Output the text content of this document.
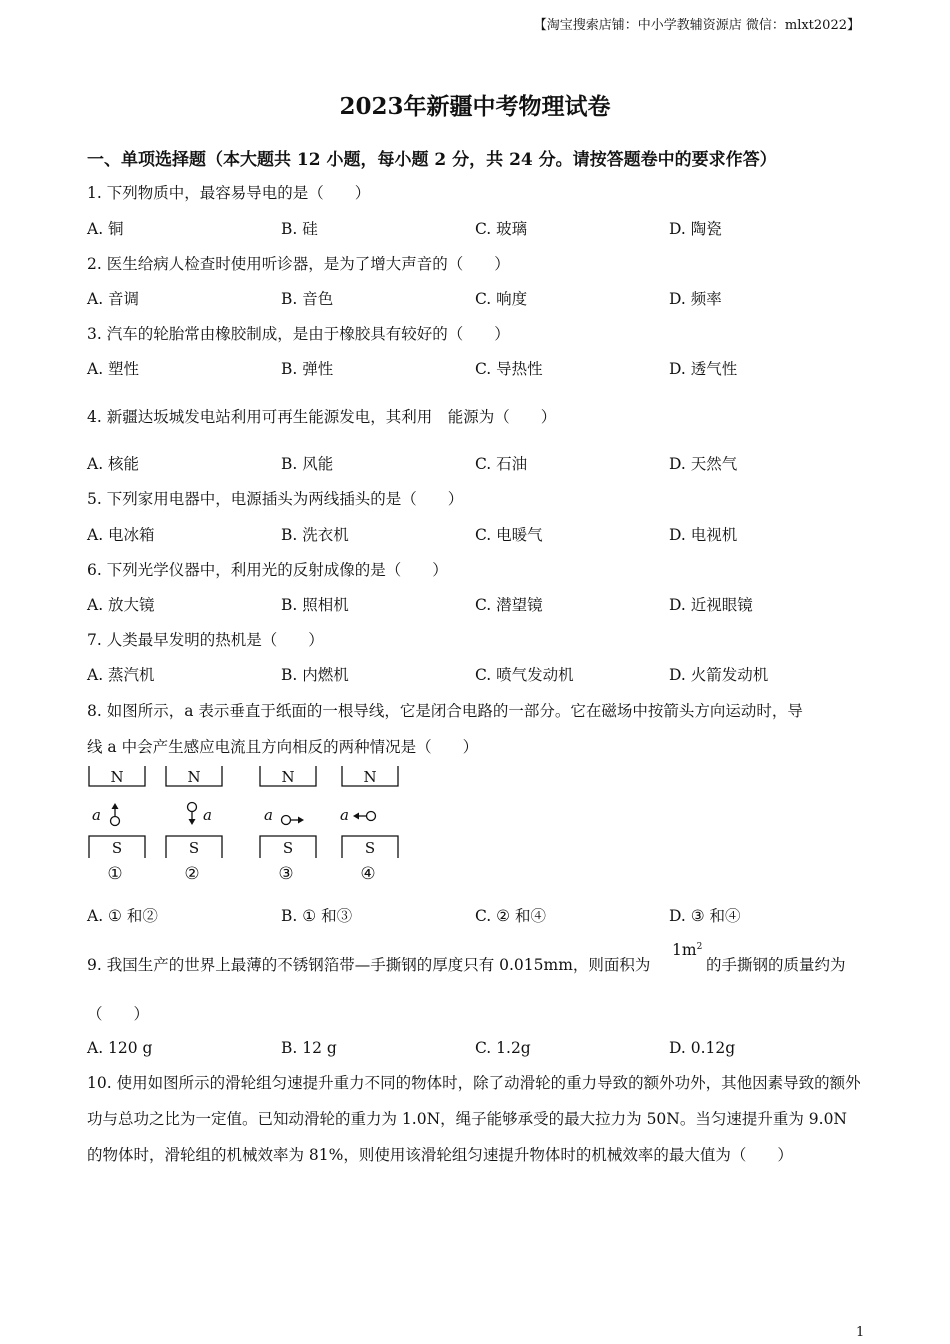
【淘宝搜索店铺：中小学教辅资源店 微信：mlxt2022】
2023年新疆中考物理试卷
一、单项选择题（本大题共 12 小题，每小题 2 分，共 24 分。请按答题卷中的要求作答）
1. 下列物质中，最容易导电的是（　　）
A. 铜	B. 硅	C. 玻璃	D. 陶瓷
2. 医生给病人检查时使用听诊器，是为了增大声音的（　　）
A. 音调	B. 音色	C. 响度	D. 频率
3. 汽车的轮胎常由橡胶制成，是由于橡胶具有较好的（　　）
A. 塑性	B. 弹性	C. 导热性	D. 透气性
4. 新疆达坂城发电站利用可再生能源发电，其利用　能源为（　　）
A. 核能	B. 风能	C. 石油	D. 天然气
5. 下列家用电器中，电源插头为两线插头的是（　　）
A. 电冰箱	B. 洗衣机	C. 电暖气	D. 电视机
6. 下列光学仪器中，利用光的反射成像的是（　　）
A. 放大镜	B. 照相机	C. 潜望镜	D. 近视眼镜
7. 人类最早发明的热机是（　　）
A. 蒸汽机	B. 内燃机	C. 喷气发动机	D. 火箭发动机
8. 如图所示，a 表示垂直于纸面的一根导线，它是闭合电路的一部分。它在磁场中按箭头方向运动时，导
线 a 中会产生感应电流且方向相反的两种情况是（　　）
N
a
S
①
N
a
S
②
N
a
S
③
N
a
S
④
A. ① 和②	B. ① 和③	C. ② 和④	D. ③ 和④
9. 我国生产的世界上最薄的不锈钢箔带—手撕钢的厚度只有 0.015mm，则面积为
$1m^2$
的手撕钢的质量约为
（　　）
A. 120 g	B. 12 g	C. 1.2g	D. 0.12g
10. 使用如图所示的滑轮组匀速提升重力不同的物体时，除了动滑轮的重力导致的额外功外，其他因素导致的额外功与总功之比为一定值。已知动滑轮的重力为 1.0N，绳子能够承受的最大拉力为 50N。当匀速提升重为 9.0N 的物体时，滑轮组的机械效率为 81%，则使用该滑轮组匀速提升物体时的机械效率的最大值为（　　）
1
